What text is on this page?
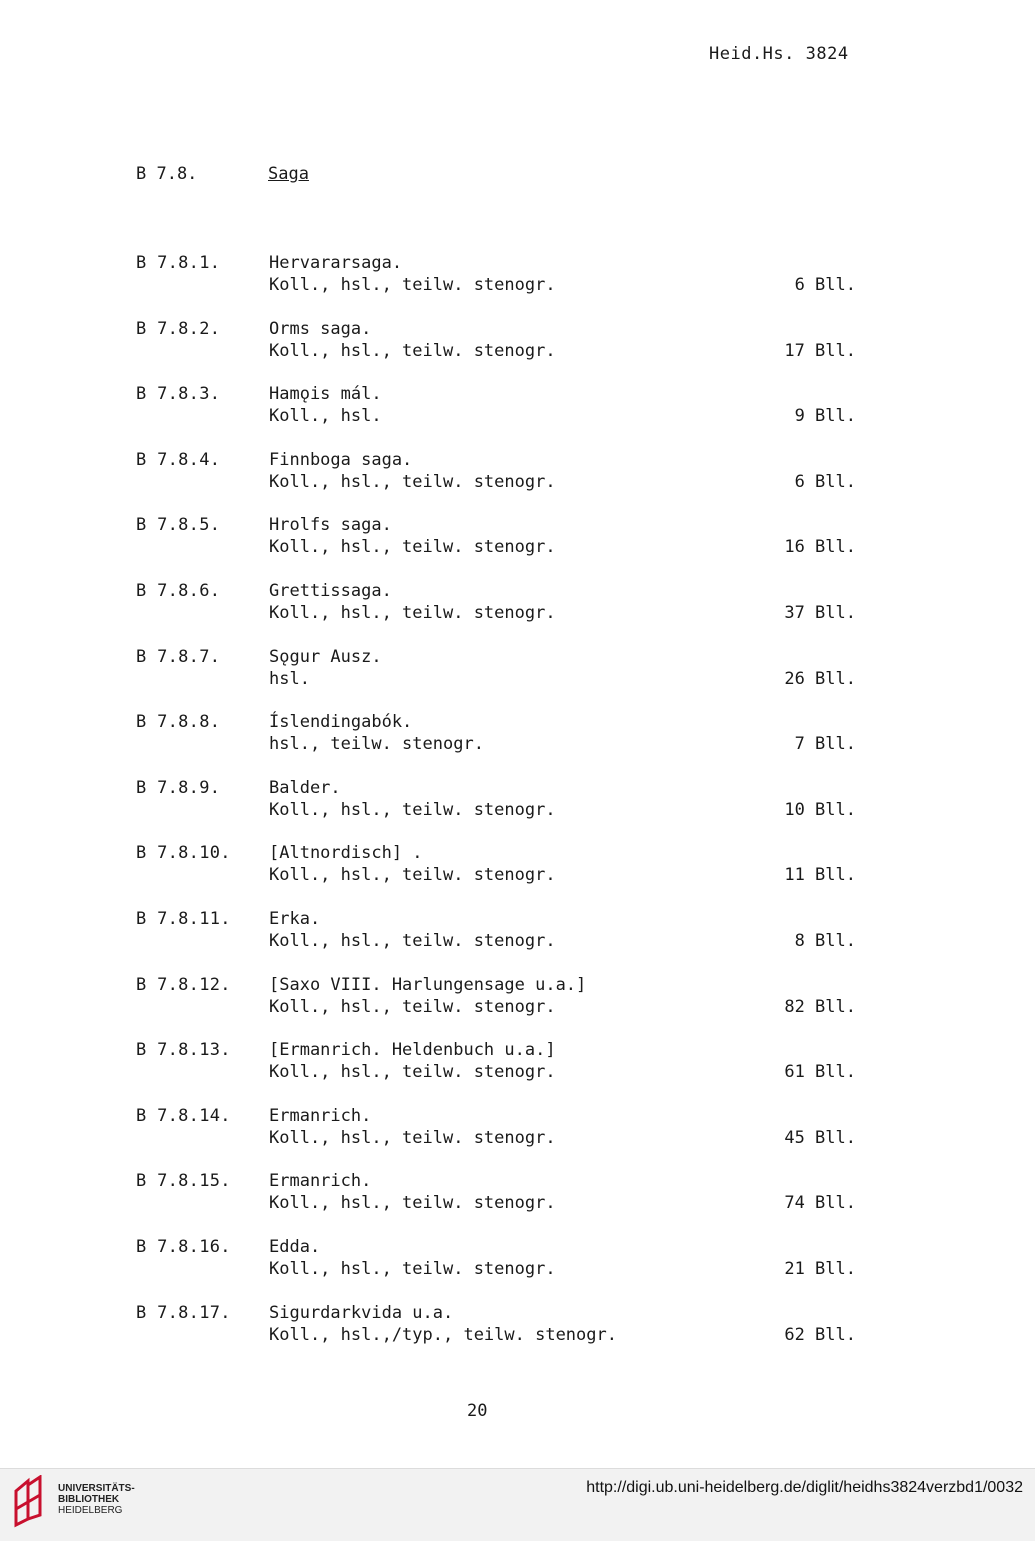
Heid.Hs. 3824
B 7.8.	Saga
B 7.8.1.	Hervararsaga.
Koll., hsl., teilw. stenogr.	6 Bll.
B 7.8.2.	Orms saga.
Koll., hsl., teilw. stenogr.	17 Bll.
B 7.8.3.	Hamǫis mál.
Koll., hsl.	9 Bll.
B 7.8.4.	Finnboga saga.
Koll., hsl., teilw. stenogr.	6 Bll.
B 7.8.5.	Hrolfs saga.
Koll., hsl., teilw. stenogr.	16 Bll.
B 7.8.6.	Grettissaga.
Koll., hsl., teilw. stenogr.	37 Bll.
B 7.8.7.	Sǫgur Ausz.
hsl.	26 Bll.
B 7.8.8.	Íslendingabók.
hsl., teilw. stenogr.	7 Bll.
B 7.8.9.	Balder.
Koll., hsl., teilw. stenogr.	10 Bll.
B 7.8.10. [Altnordisch] .
Koll., hsl., teilw. stenogr.	11 Bll.
B 7.8.11. Erka.
Koll., hsl., teilw. stenogr.	8 Bll.
B 7.8.12. [Saxo VIII. Harlungensage u.a.]
Koll., hsl., teilw. stenogr.	82 Bll.
B 7.8.13. [Ermanrich. Heldenbuch u.a.]
Koll., hsl., teilw. stenogr.	61 Bll.
B 7.8.14. Ermanrich.
Koll., hsl., teilw. stenogr.	45 Bll.
B 7.8.15. Ermanrich.
Koll., hsl., teilw. stenogr.	74 Bll.
B 7.8.16. Edda.
Koll., hsl., teilw. stenogr.	21 Bll.
B 7.8.17. Sigurdarkvida u.a.
Koll., hsl.,/typ., teilw. stenogr.	62 Bll.
20
UNIVERSITÄTS-
BIBLIOTHEK
HEIDELBERG
http://digi.ub.uni-heidelberg.de/diglit/heidhs3824verzbd1/0032
